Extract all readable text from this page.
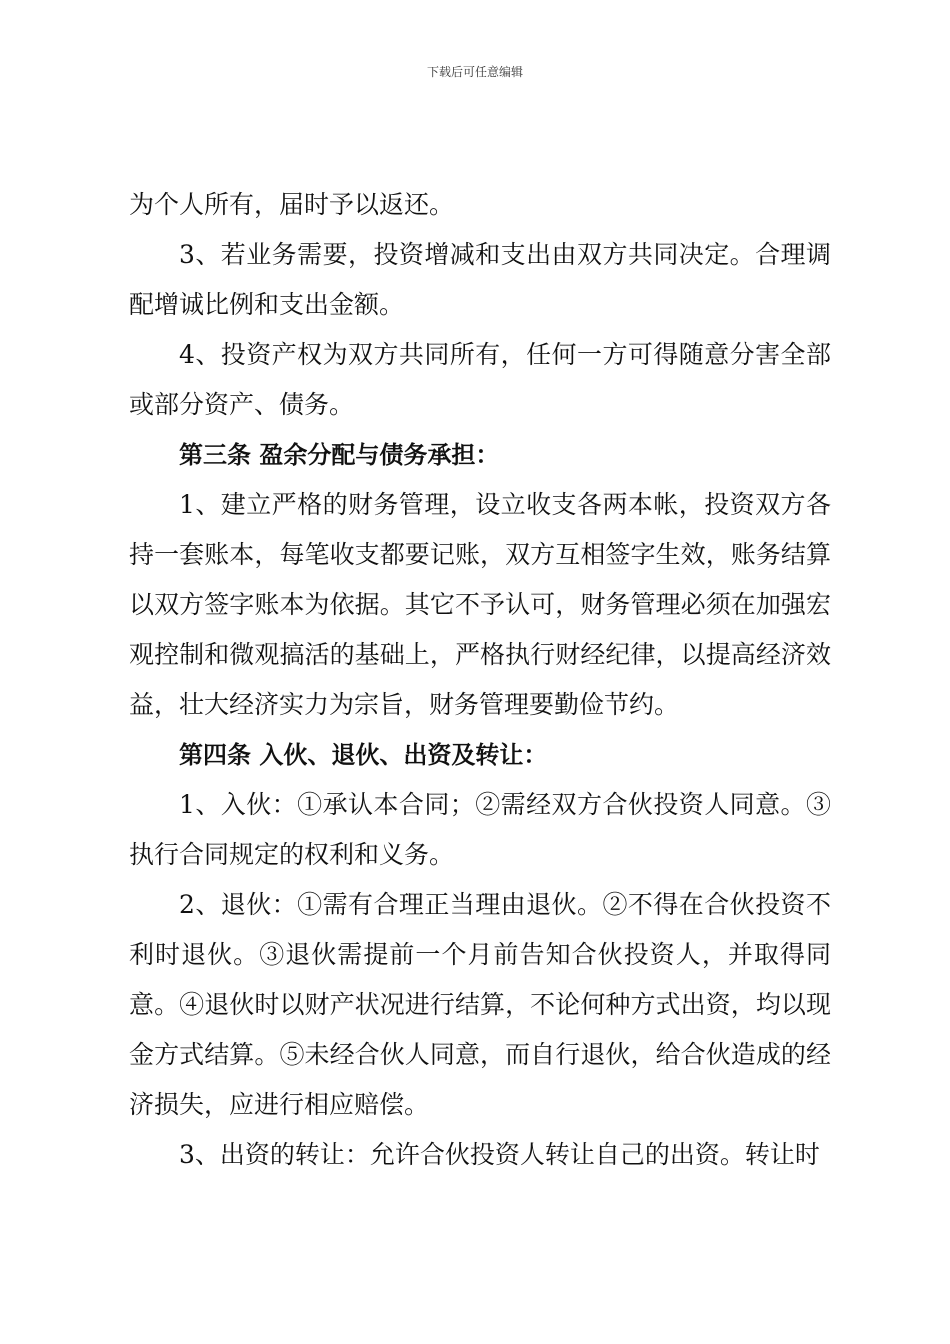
下载后可任意编辑

为个人所有，届时予以返还。

3、若业务需要，投资增减和支出由双方共同决定。合理调配增诚比例和支出金额。

4、投资产权为双方共同所有，任何一方可得随意分害全部或部分资产、债务。

第三条 盈余分配与债务承担：

1、建立严格的财务管理，设立收支各两本帐，投资双方各持一套账本，每笔收支都要记账，双方互相签字生效，账务结算以双方签字账本为依据。其它不予认可，财务管理必须在加强宏观控制和微观搞活的基础上，严格执行财经纪律，以提高经济效益，壮大经济实力为宗旨，财务管理要勤俭节约。

第四条 入伙、退伙、出资及转让：

1、入伙：①承认本合同；②需经双方合伙投资人同意。③执行合同规定的权利和义务。

2、退伙：①需有合理正当理由退伙。②不得在合伙投资不利时退伙。③退伙需提前一个月前告知合伙投资人，并取得同意。④退伙时以财产状况进行结算，不论何种方式出资，均以现金方式结算。⑤未经合伙人同意，而自行退伙，给合伙造成的经济损失，应进行相应赔偿。

3、出资的转让：允许合伙投资人转让自己的出资。转让时
